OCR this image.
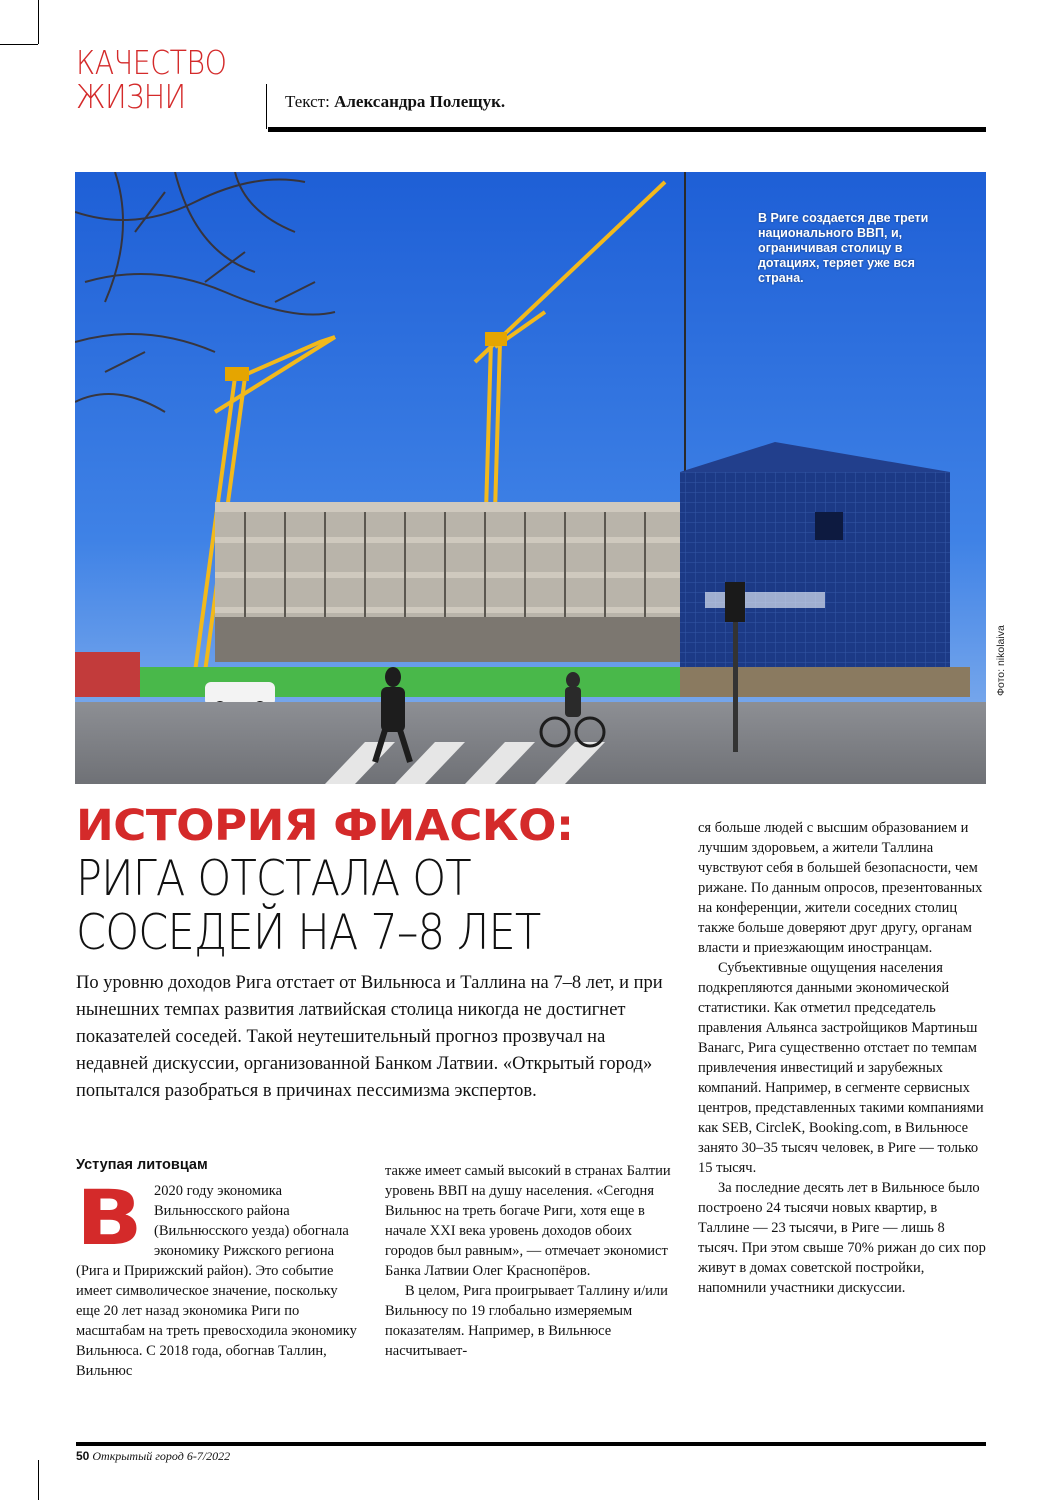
КАЧЕСТВО
ЖИЗНИ	Текст: Александра Полещук.
В Риге создается две трети национального ВВП, и, ограничивая столицу в дотациях, теряет уже вся страна.
Фото: nikolaiva
ИСТОРИЯ ФИАСКО:
РИГА ОТСТАЛА ОТ
СОСЕДЕЙ НА 7–8 ЛЕТ
По уровню доходов Рига отстает от Вильнюса и Таллина на 7–8 лет, и при нынешних темпах развития латвийская столица никогда не достигнет показателей соседей. Такой неутешительный прогноз прозвучал на недавней дискуссии, организованной Банком Латвии. «Открытый город» попытался разобраться в причинах пессимизма экспертов.
Уступая литовцам
В 2020 году экономика Вильнюсского района (Вильнюсского уезда) обогнала экономику Рижского региона (Рига и Пририжский район). Это событие имеет символическое значение, поскольку еще 20 лет назад экономика Риги по масштабам на треть превосходила экономику Вильнюса. С 2018 года, обогнав Таллин, Вильнюс

также имеет самый высокий в странах Балтии уровень ВВП на душу населения. «Сегодня Вильнюс на треть богаче Риги, хотя еще в начале XXI века уровень доходов обоих городов был равным», — отмечает экономист Банка Латвии Олег Краснопёров.

В целом, Рига проигрывает Таллину и/или Вильнюсу по 19 глобально измеряемым показателям. Например, в Вильнюсе насчитывает-

ся больше людей с высшим образованием и лучшим здоровьем, а жители Таллина чувствуют себя в большей безопасности, чем рижане. По данным опросов, презентованных на конференции, жители соседних столиц также больше доверяют друг другу, органам власти и приезжающим иностранцам.

Субъективные ощущения населения подкрепляются данными экономической статистики. Как отметил председатель правления Альянса застройщиков Мартиньш Ванагс, Рига существенно отстает по темпам привлечения инвестиций и зарубежных компаний. Например, в сегменте сервисных центров, представленных такими компаниями как SEB, CircleK, Booking.com, в Вильнюсе занято 30–35 тысяч человек, в Риге — только 15 тысяч.

За последние десять лет в Вильнюсе было построено 24 тысячи новых квартир, в Таллине — 23 тысячи, в Риге — лишь 8 тысяч. При этом свыше 70% рижан до сих пор живут в домах советской постройки, напомнили участники дискуссии.

50 Открытый город 6-7/2022
